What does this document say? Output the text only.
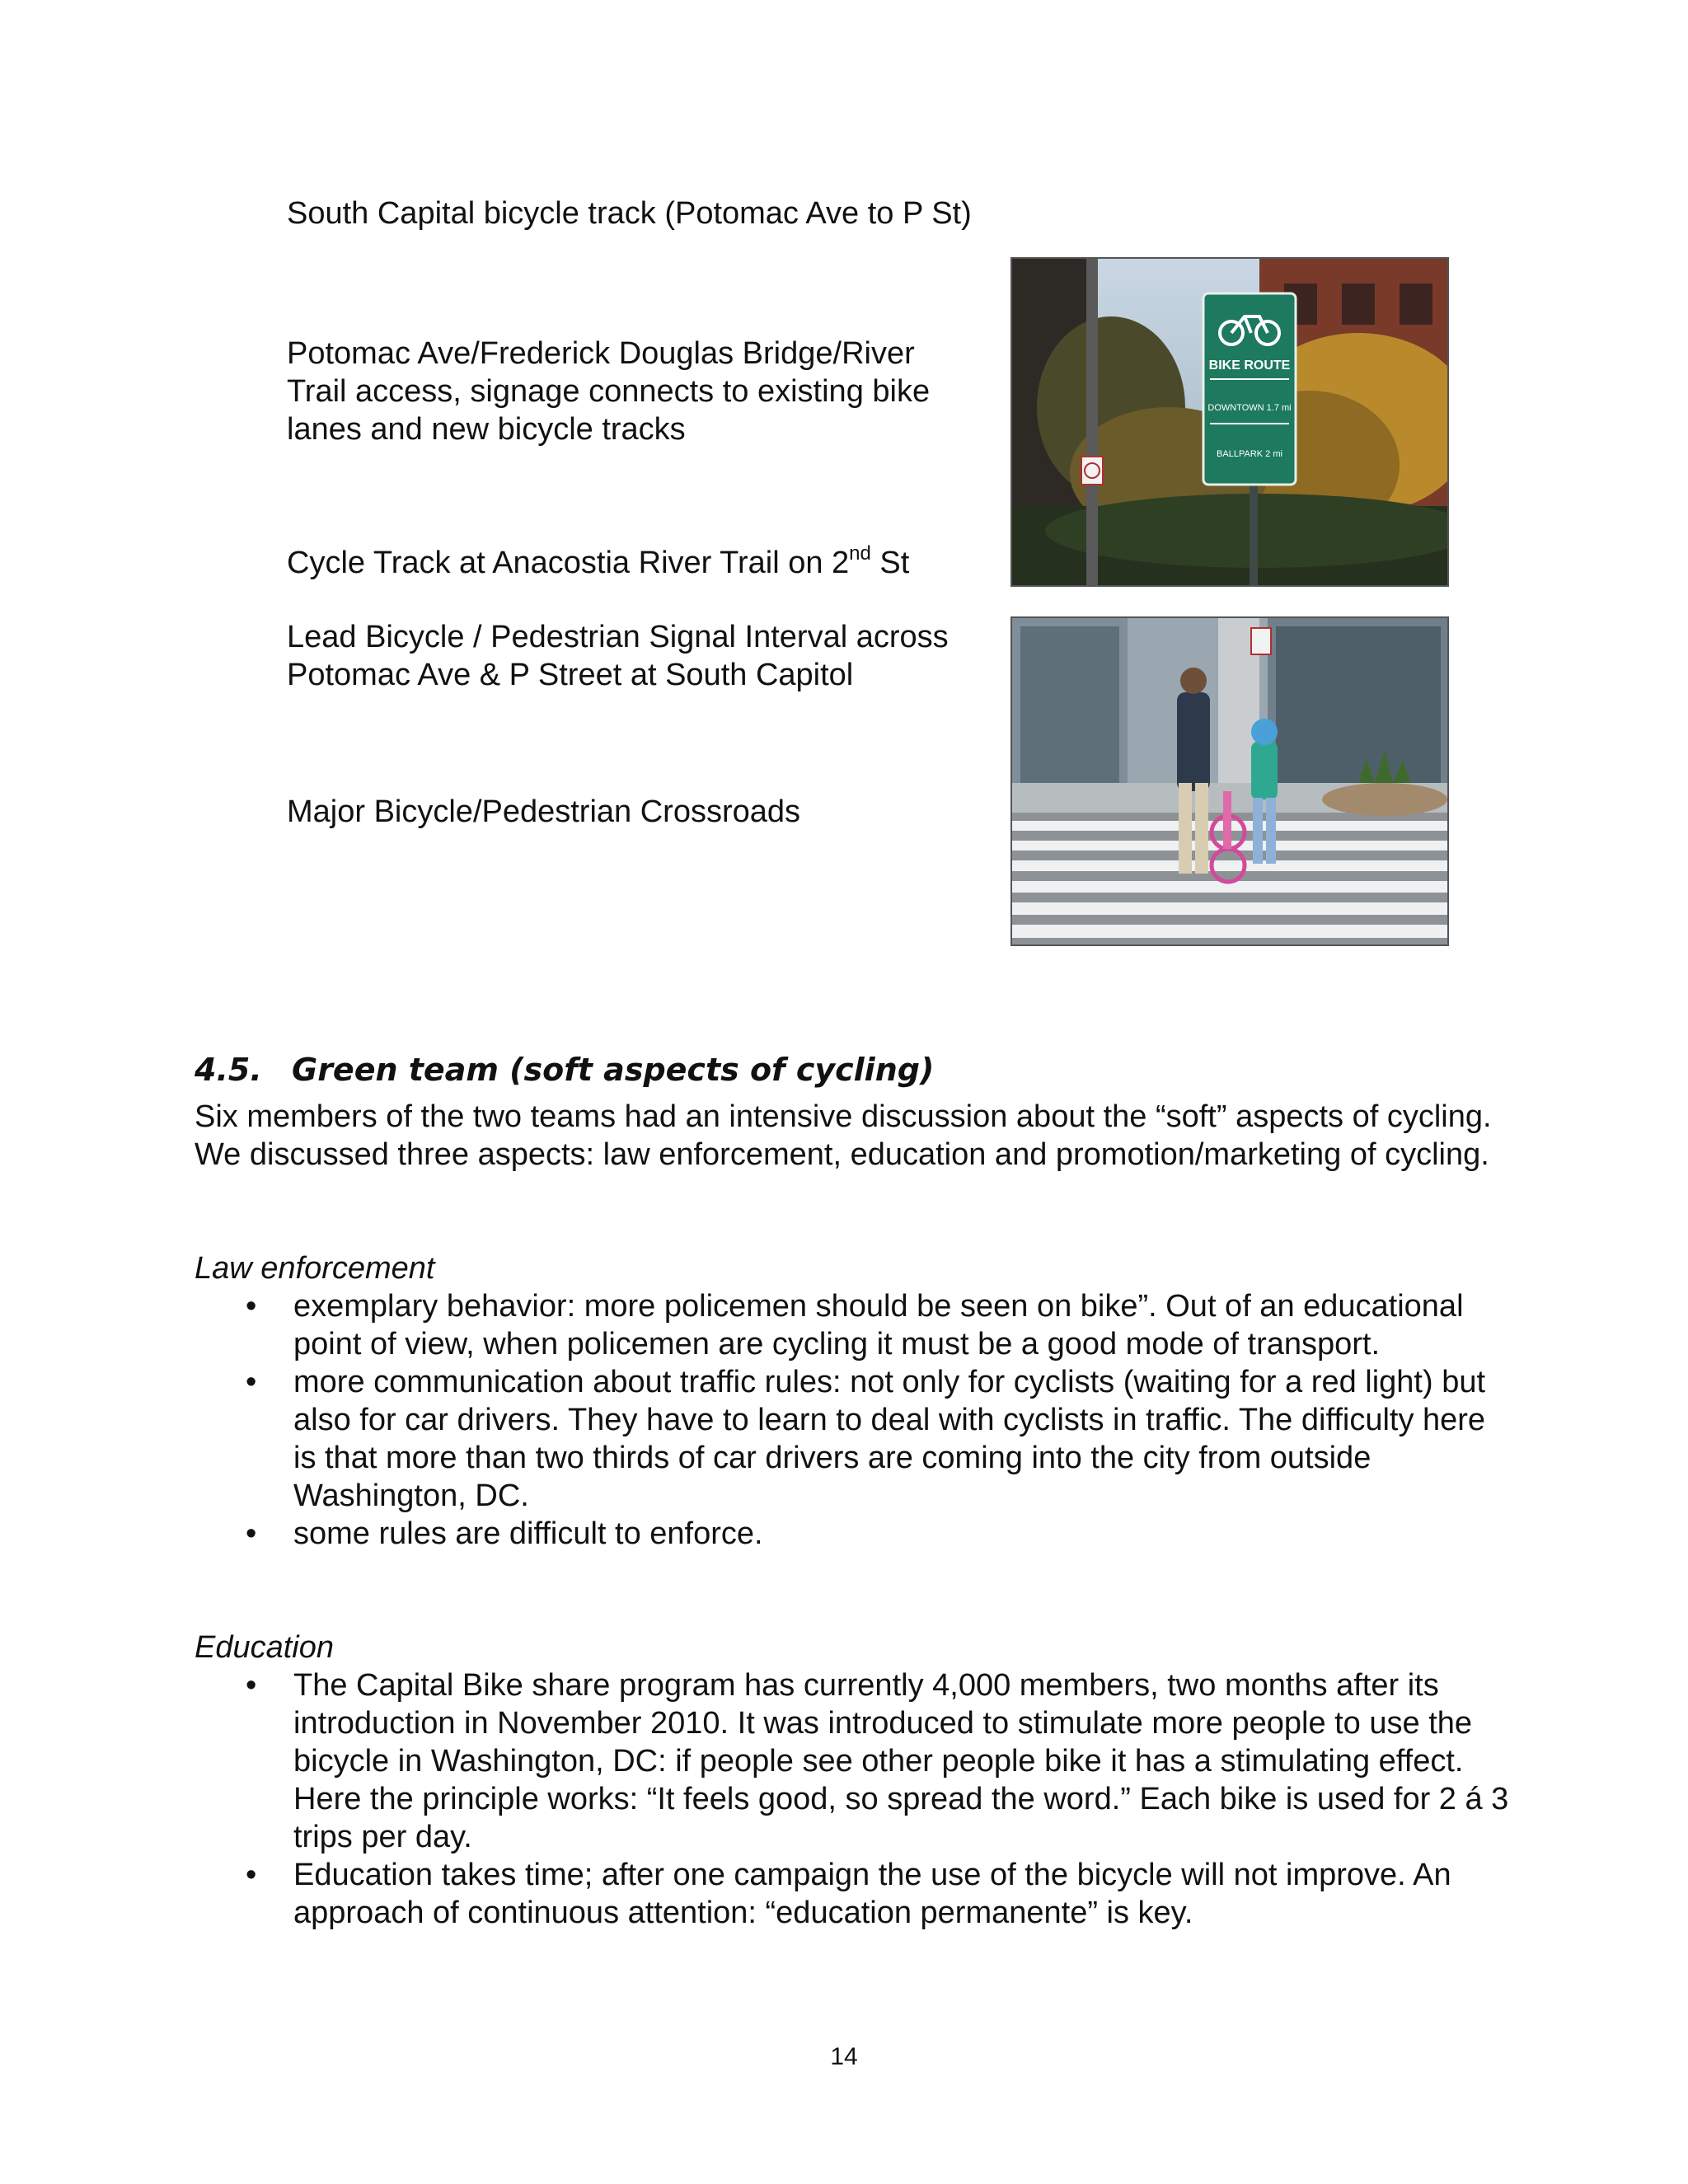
South Capital bicycle track (Potomac Ave to P St)
Potomac Ave/Frederick Douglas Bridge/River Trail access, signage connects to existing bike lanes and new bicycle tracks
Cycle Track at Anacostia River Trail on 2nd St
Lead Bicycle / Pedestrian Signal Interval across Potomac Ave & P Street at South Capitol
Major Bicycle/Pedestrian Crossroads
BIKE ROUTE
DOWNTOWN 1.7 mi
BALLPARK 2 mi
4.5. Green team (soft aspects of cycling)
Six members of the two teams had an intensive discussion about the “soft” aspects of cycling. We discussed three aspects: law enforcement, education and promotion/marketing of cycling.
Law enforcement
• exemplary behavior: more policemen should be seen on bike”. Out of an educational point of view, when policemen are cycling it must be a good mode of transport.
• more communication about traffic rules: not only for cyclists (waiting for a red light) but also for car drivers. They have to learn to deal with cyclists in traffic. The difficulty here is that more than two thirds of car drivers are coming into the city from outside Washington, DC.
• some rules are difficult to enforce.
Education
• The Capital Bike share program has currently 4,000 members, two months after its introduction in November 2010. It was introduced to stimulate more people to use the bicycle in Washington, DC: if people see other people bike it has a stimulating effect. Here the principle works: “It feels good, so spread the word.” Each bike is used for 2 á 3 trips per day.
• Education takes time; after one campaign the use of the bicycle will not improve. An approach of continuous attention: “education permanente” is key.
14
